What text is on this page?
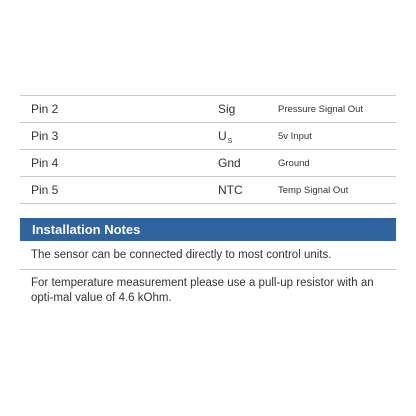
Pin 2	Sig	Pressure Signal Out
Pin 3	$U_S$	5v Input
Pin 4	Gnd	Ground
Pin 5	NTC	Temp Signal Out
Installation Notes
The sensor can be connected directly to most control units.
For temperature measurement please use a pull-up resistor with an opti-mal value of 4.6 kOhm.
